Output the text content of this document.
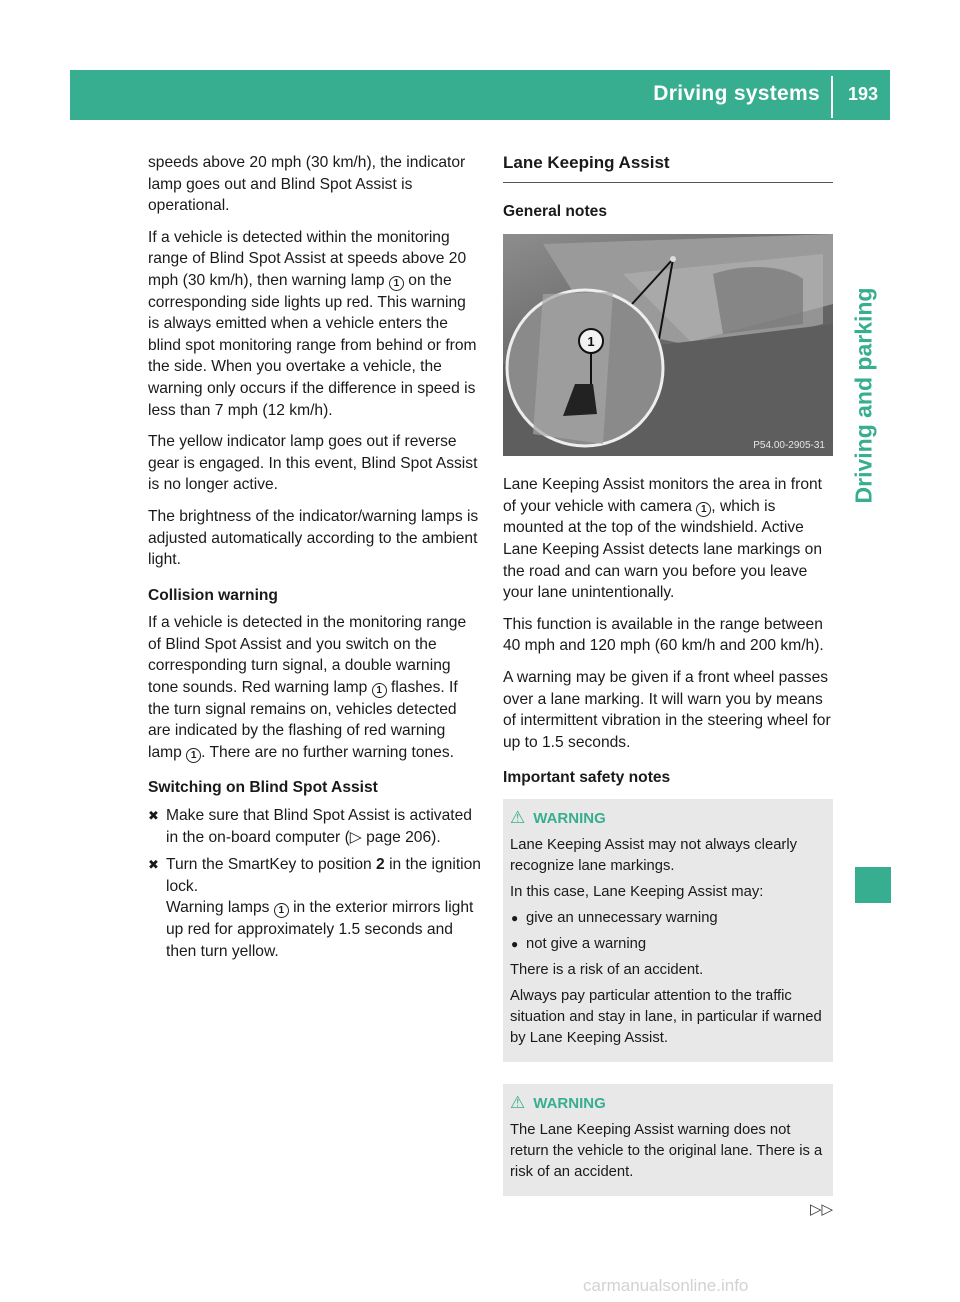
Driving systems 193
Driving and parking

speeds above 20 mph (30 km/h), the indicator lamp goes out and Blind Spot Assist is operational.

If a vehicle is detected within the monitoring range of Blind Spot Assist at speeds above 20 mph (30 km/h), then warning lamp 1 on the corresponding side lights up red. This warning is always emitted when a vehicle enters the blind spot monitoring range from behind or from the side. When you overtake a vehicle, the warning only occurs if the difference in speed is less than 7 mph (12 km/h).

The yellow indicator lamp goes out if reverse gear is engaged. In this event, Blind Spot Assist is no longer active.

The brightness of the indicator/warning lamps is adjusted automatically according to the ambient light.

Collision warning

If a vehicle is detected in the monitoring range of Blind Spot Assist and you switch on the corresponding turn signal, a double warning tone sounds. Red warning lamp 1 flashes. If the turn signal remains on, vehicles detected are indicated by the flashing of red warning lamp 1 . There are no further warning tones.

Switching on Blind Spot Assist
✖ Make sure that Blind Spot Assist is activated in the on-board computer (▷ page 206).
✖ Turn the SmartKey to position 2 in the ignition lock.
Warning lamps 1 in the exterior mirrors light up red for approximately 1.5 seconds and then turn yellow.
Lane Keeping Assist
General notes
1
P54.00-2905-31

Lane Keeping Assist monitors the area in front of your vehicle with camera 1 , which is mounted at the top of the windshield. Active Lane Keeping Assist detects lane markings on the road and can warn you before you leave your lane unintentionally.

This function is available in the range between 40 mph and 120 mph (60 km/h and 200 km/h).

A warning may be given if a front wheel passes over a lane marking. It will warn you by means of intermittent vibration in the steering wheel for up to 1.5 seconds.

Important safety notes
⚠ WARNING

Lane Keeping Assist may not always clearly recognize lane markings.

In this case, Lane Keeping Assist may:

● give an unnecessary warning
● not give a warning

There is a risk of an accident.

Always pay particular attention to the traffic situation and stay in lane, in particular if warned by Lane Keeping Assist.

⚠ WARNING

The Lane Keeping Assist warning does not return the vehicle to the original lane. There is a risk of an accident.

▷▷
carmanualsonline.info
